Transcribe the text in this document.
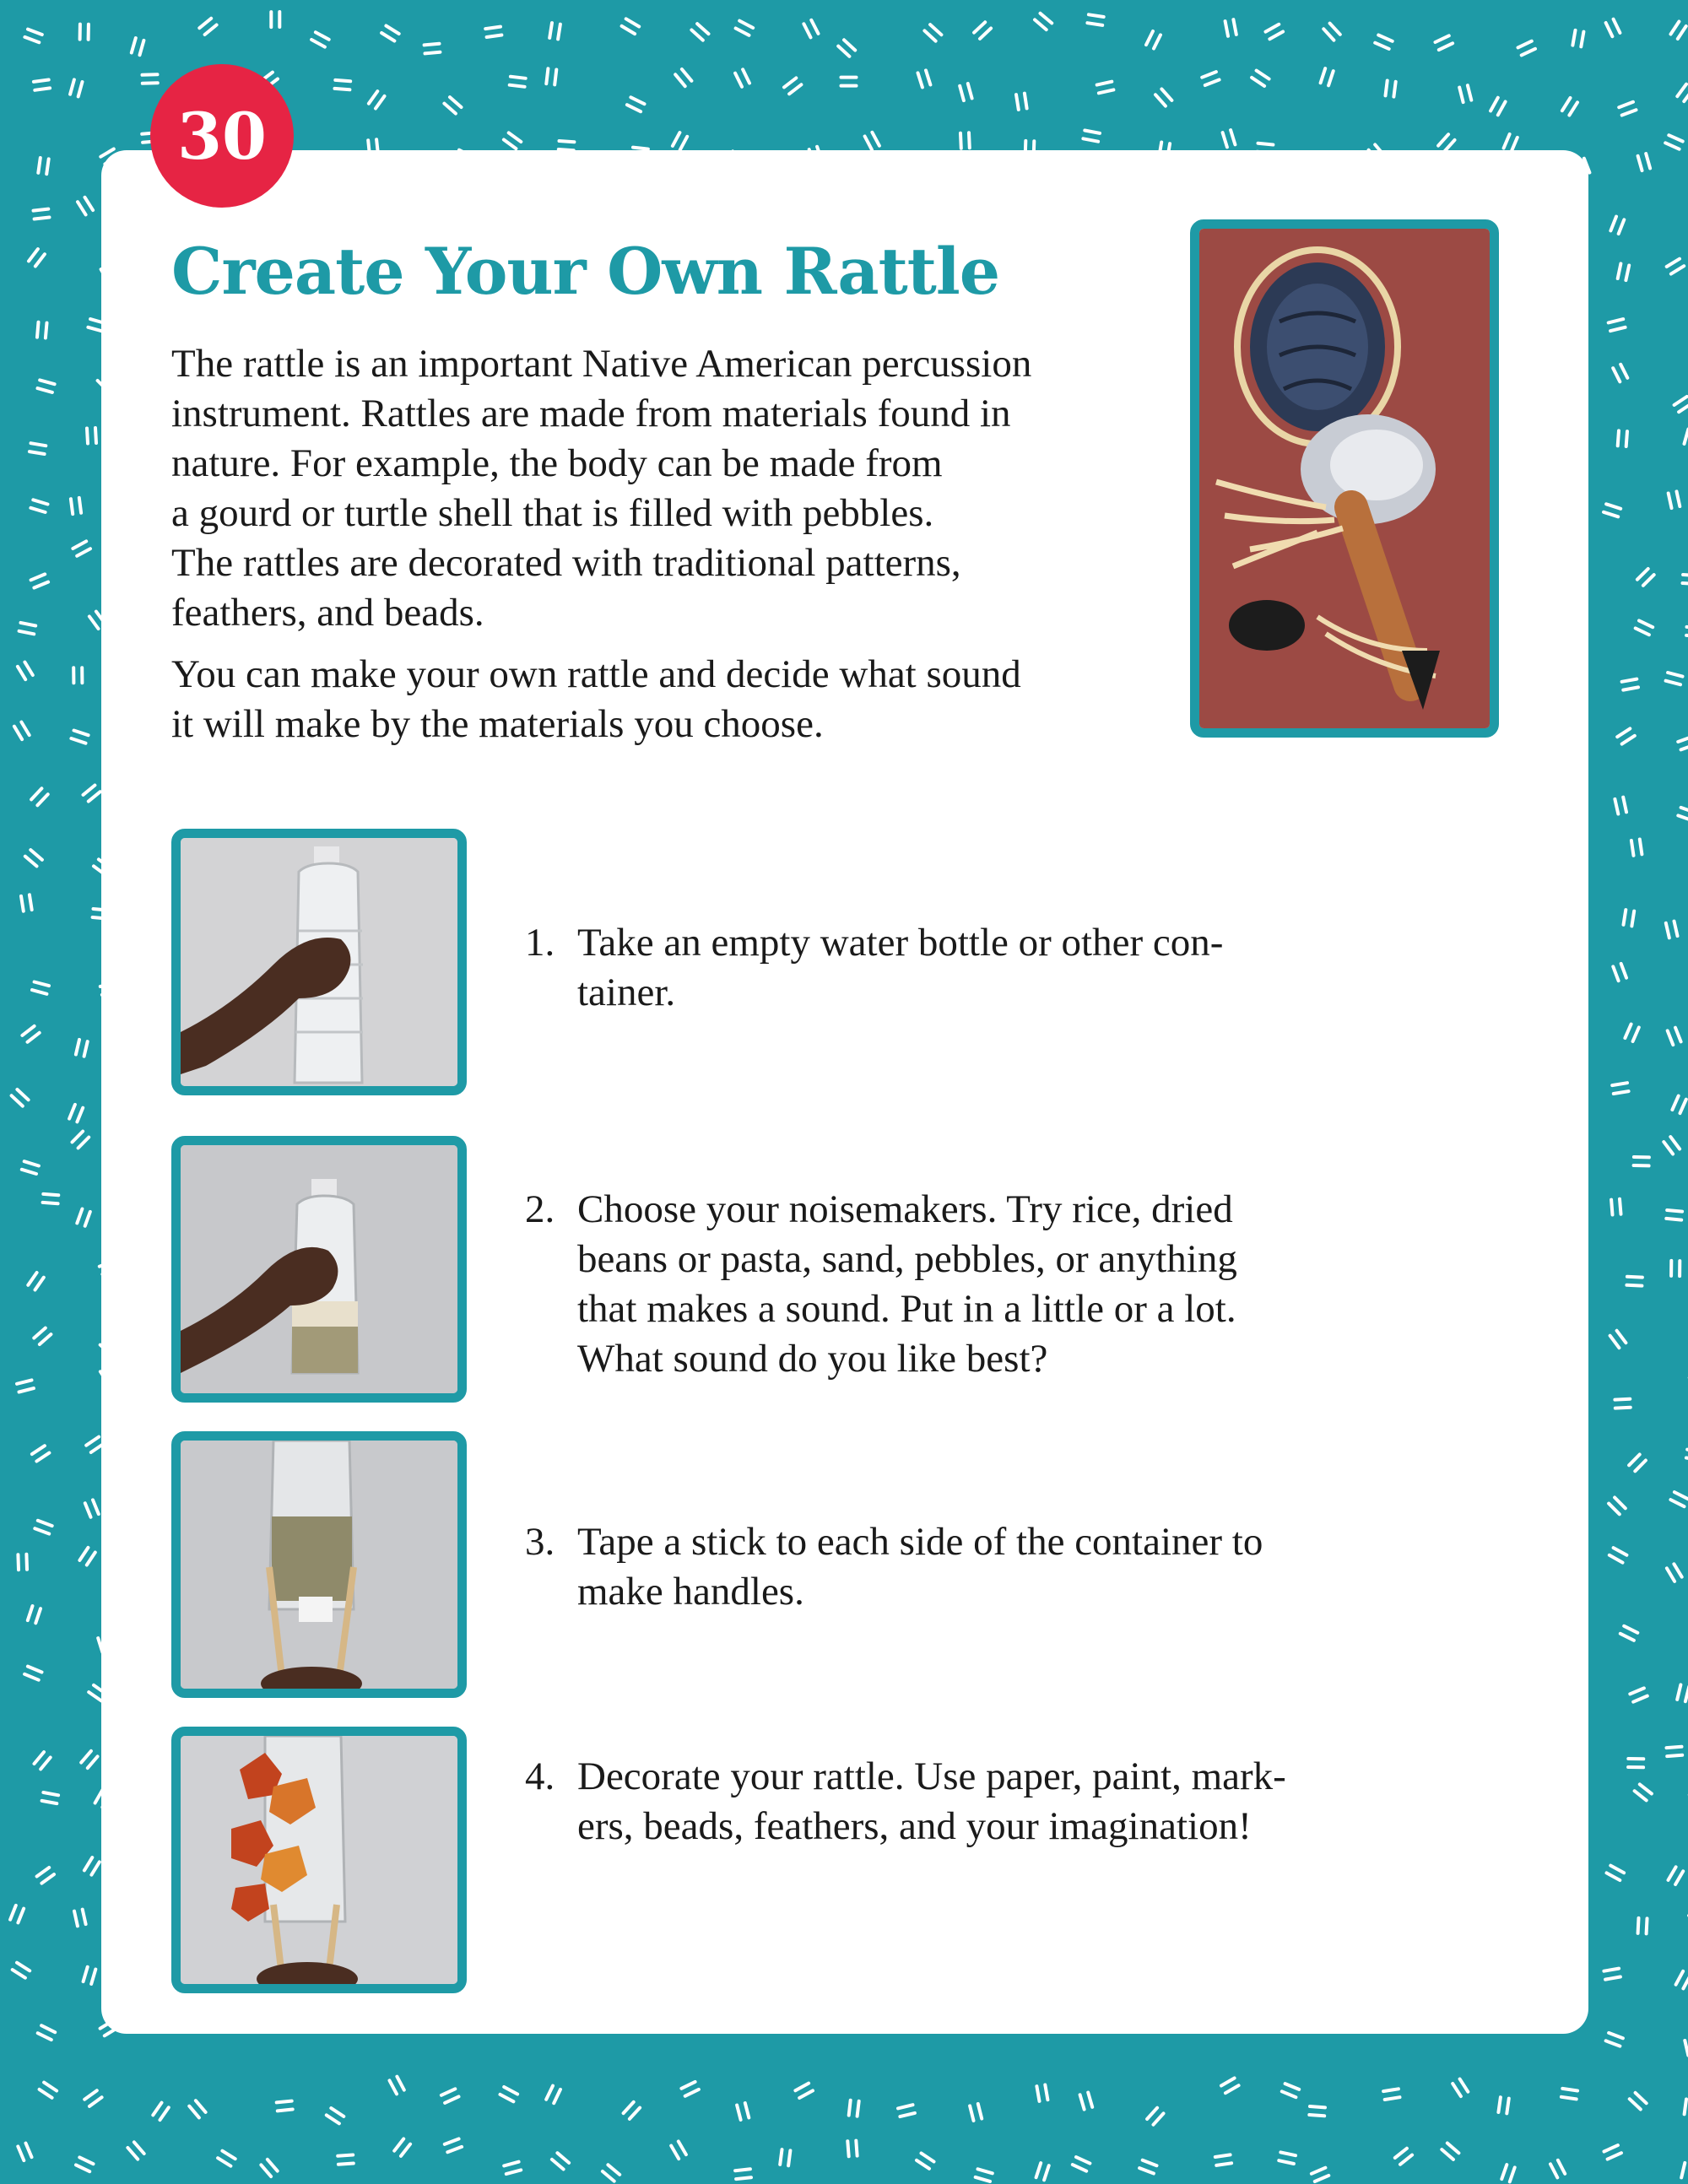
30
Create Your Own Rattle

The rattle is an important Native American percussion
instrument. Rattles are made from materials found in
nature. For example, the body can be made from
a gourd or turtle shell that is filled with pebbles.
The rattles are decorated with traditional patterns,
feathers, and beads.

You can make your own rattle and decide what sound
it will make by the materials you choose.

1. Take an empty water bottle or other con-
tainer.
2. Choose your noisemakers. Try rice, dried
beans or pasta, sand, pebbles, or anything
that makes a sound. Put in a little or a lot.
What sound do you like best?
3. Tape a stick to each side of the container to
make handles.
4. Decorate your rattle. Use paper, paint, mark-
ers, beads, feathers, and your imagination!
